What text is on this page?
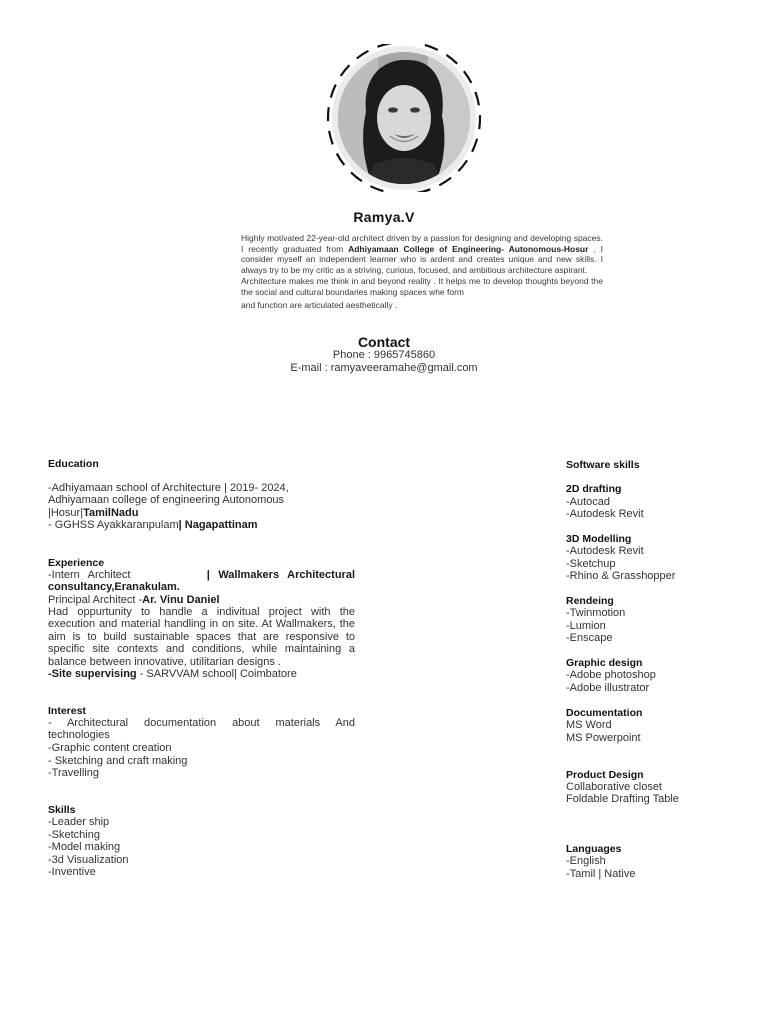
Ramya.V

Highly motivated 22-year-old architect driven by a passion for designing and developing spaces. I recently graduated from Adhiyamaan College of Engineering- Autonomous-Hosur . I consider myself an independent learner who is ardent and creates unique and new skills. I always try to be my critic as a striving, curious, focused, and ambitious architecture aspirant.

Architecture makes me think in and beyond reality . It helps me to develop thoughts beyond the the social and cultural boundaries making spaces whe form

and function are articulated aesthetically .

Contact
Phone : 9965745860
E-mail : ramyaveeramahe@gmail.com
Education
-Adhiyamaan school of Architecture | 2019- 2024,
Adhiyamaan college of engineering Autonomous
|Hosur|TamilNadu
- GGHSS Ayakkaranpulam| Nagapattinam
Experience
-Intern Architect	| Wallmakers Architectural consultancy,Eranakulam.
Principal Architect -Ar. Vinu Daniel
Had oppurtunity to handle a indivitual project with the execution and material handling in on site. At Wallmakers, the aim is to build sustainable spaces that are responsive to specific site contexts and conditions, while maintaining a balance between innovative, utilitarian designs .
-Site supervising - SARVVAM school| Coimbatore
Interest
- Architectural documentation about materials And technologies
-Graphic content creation
- Sketching and craft making
-Travelling
Skills
-Leader ship
-Sketching
-Model making
-3d Visualization
-Inventive
Software skills
2D drafting
-Autocad
-Autodesk Revit
3D Modelling
-Autodesk Revit
-Sketchup
-Rhino & Grasshopper
Rendeing
-Twinmotion
-Lumion
-Enscape
Graphic design
-Adobe photoshop
-Adobe illustrator
Documentation
MS Word
MS Powerpoint
Product Design
Collaborative closet
Foldable Drafting Table
Languages
-English
-Tamil | Native
